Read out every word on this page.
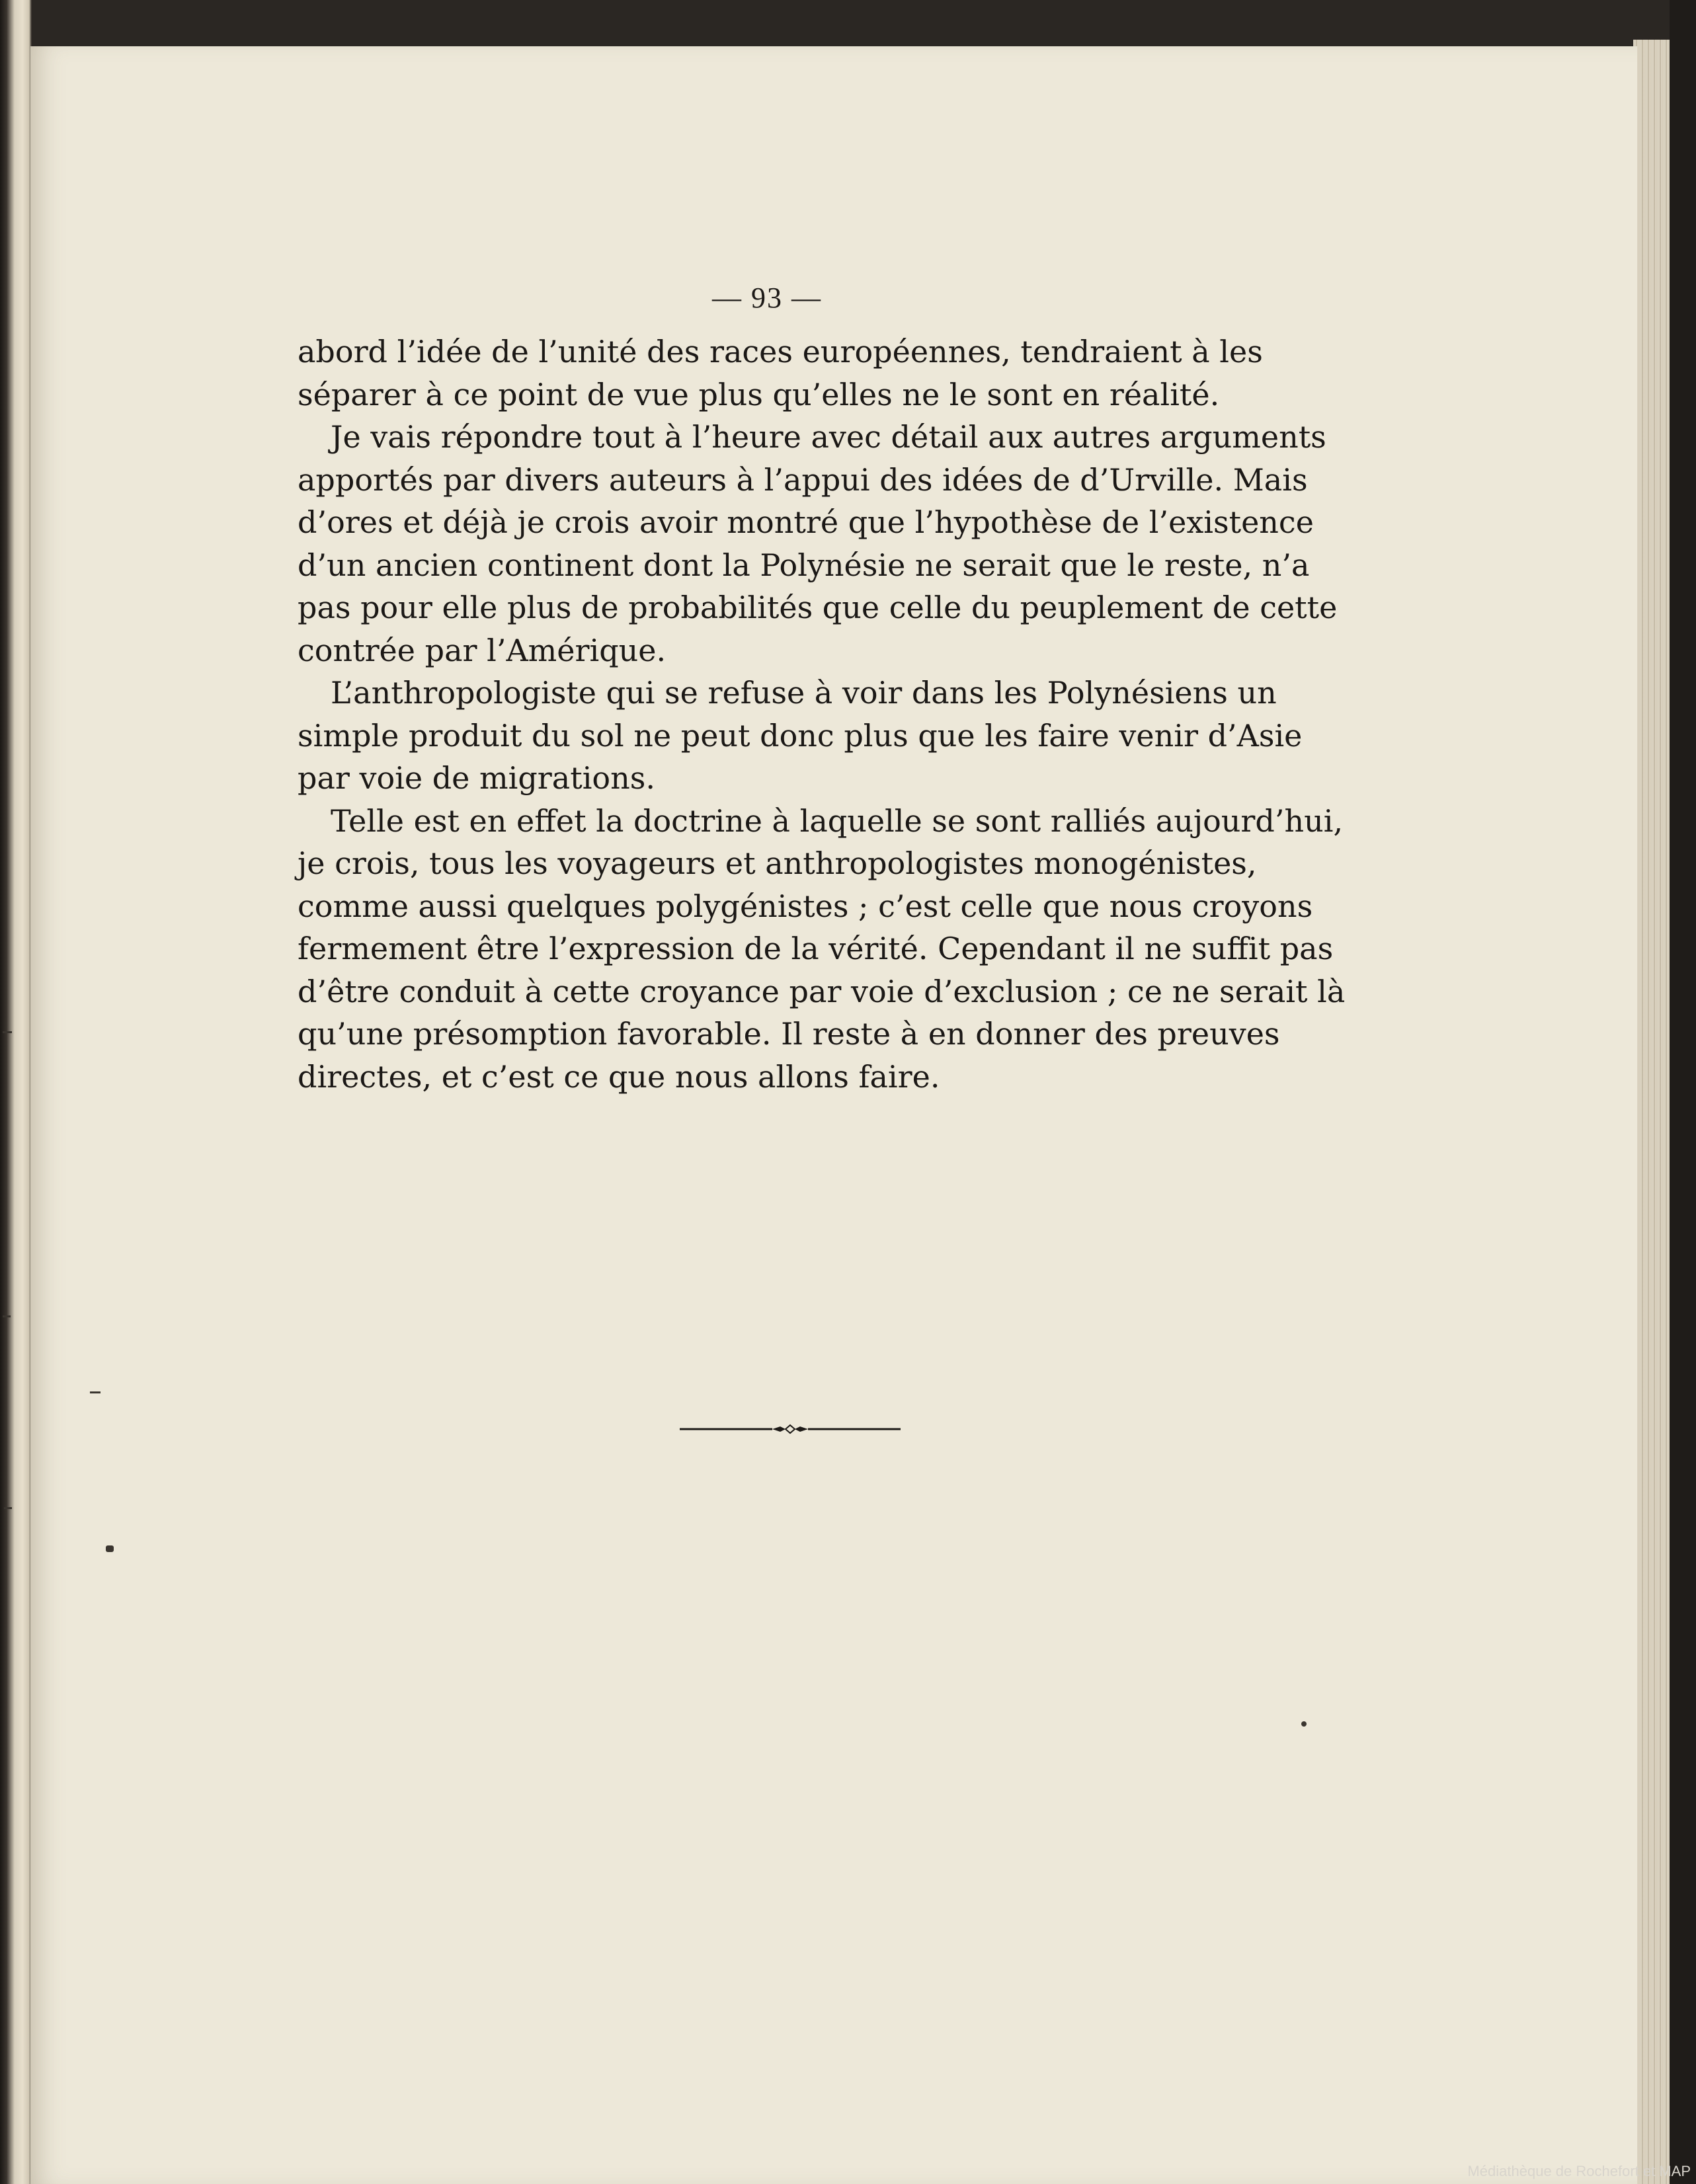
— 93 —

abord l’idée de l’unité des races européennes, tendraient à les
séparer à ce point de vue plus qu’elles ne le sont en réalité.

Je vais répondre tout à l’heure avec détail aux autres arguments
apportés par divers auteurs à l’appui des idées de d’Urville. Mais
d’ores et déjà je crois avoir montré que l’hypothèse de l’existence
d’un ancien continent dont la Polynésie ne serait que le reste, n’a
pas pour elle plus de probabilités que celle du peuplement de cette
contrée par l’Amérique.

L’anthropologiste qui se refuse à voir dans les Polynésiens un
simple produit du sol ne peut donc plus que les faire venir d’Asie
par voie de migrations.

Telle est en effet la doctrine à laquelle se sont ralliés aujourd’hui,
je crois, tous les voyageurs et anthropologistes monogénistes,
comme aussi quelques polygénistes ; c’est celle que nous croyons
fermement être l’expression de la vérité. Cependant il ne suffit pas
d’être conduit à cette croyance par voie d’exclusion ; ce ne serait là
qu’une présomption favorable. Il reste à en donner des preuves
directes, et c’est ce que nous allons faire.

Médiathèque de Rochefort et MAP
